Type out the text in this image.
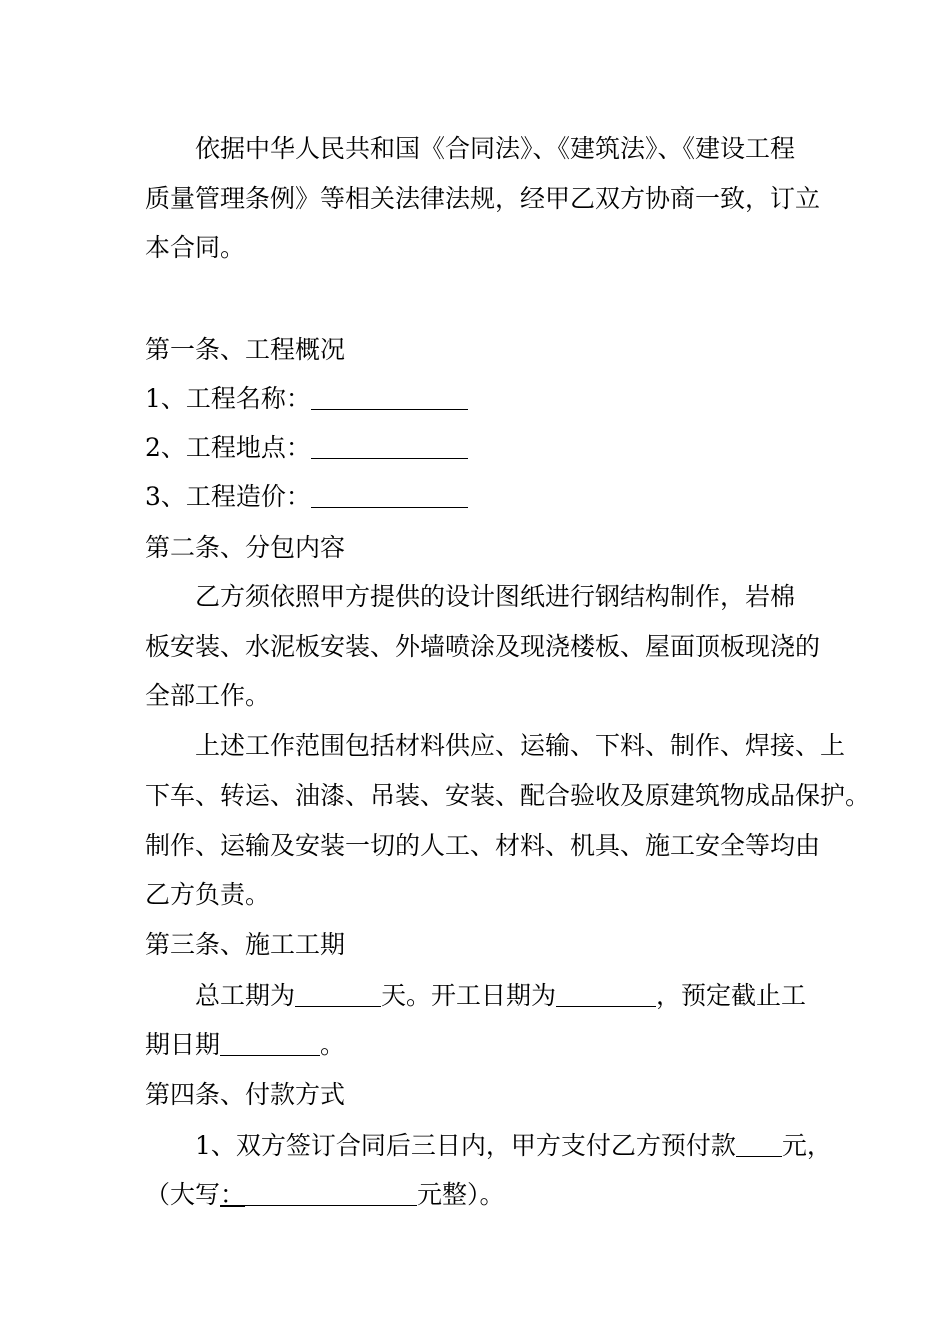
依据中华人民共和国《合同法》、《建筑法》、《建设工程
质量管理条例》等相关法律法规，经甲乙双方协商一致，订立
本合同。
第一条、工程概况
1、工程名称：
2、工程地点：
3、工程造价：
第二条、分包内容
乙方须依照甲方提供的设计图纸进行钢结构制作，岩棉
板安装、水泥板安装、外墙喷涂及现浇楼板、屋面顶板现浇的
全部工作。
上述工作范围包括材料供应、运输、下料、制作、焊接、上
下车、转运、油漆、吊装、安装、配合验收及原建筑物成品保护。
制作、运输及安装一切的人工、材料、机具、施工安全等均由
乙方负责。
第三条、施工工期
总工期为	天。开工日期为	，预定截止工
期日期	。
第四条、付款方式
1、双方签订合同后三日内，甲方支付乙方预付款 元，
（大写：	元整）。
